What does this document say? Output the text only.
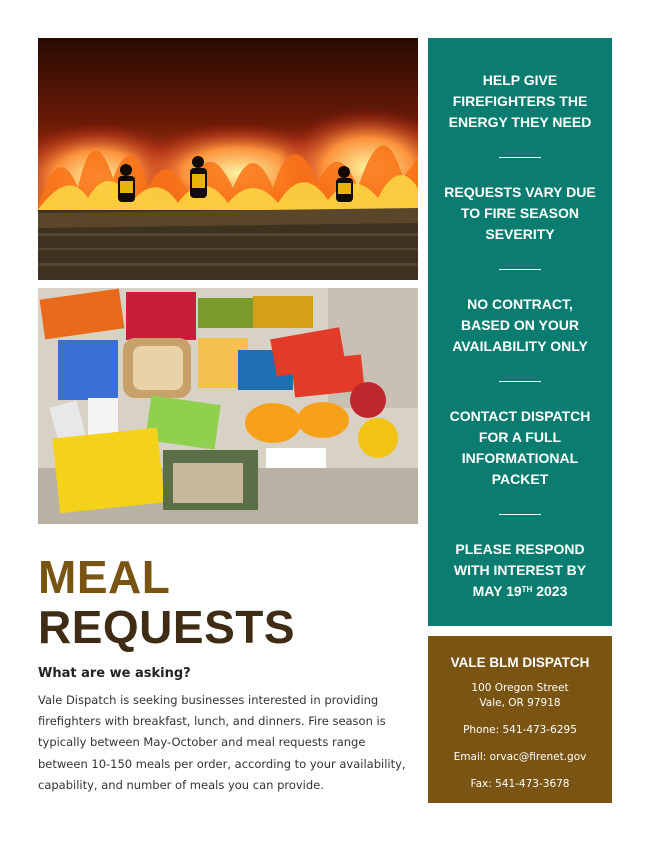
MEAL
REQUESTS
What are we asking?

Vale Dispatch is seeking businesses interested in providing firefighters with breakfast, lunch, and dinners. Fire season is typically between May-October and meal requests range between 10-150 meals per order, according to your availability, capability, and number of meals you can provide.

HELP GIVE FIREFIGHTERS THE ENERGY THEY NEED
REQUESTS VARY DUE TO FIRE SEASON SEVERITY
NO CONTRACT, BASED ON YOUR AVAILABILITY ONLY
CONTACT DISPATCH FOR A FULL INFORMATIONAL PACKET
PLEASE RESPOND WITH INTEREST BY MAY 19TH 2023
VALE BLM DISPATCH
100 Oregon Street
Vale, OR 97918
Phone: 541-473-6295
Email: orvac@firenet.gov
Fax: 541-473-3678
